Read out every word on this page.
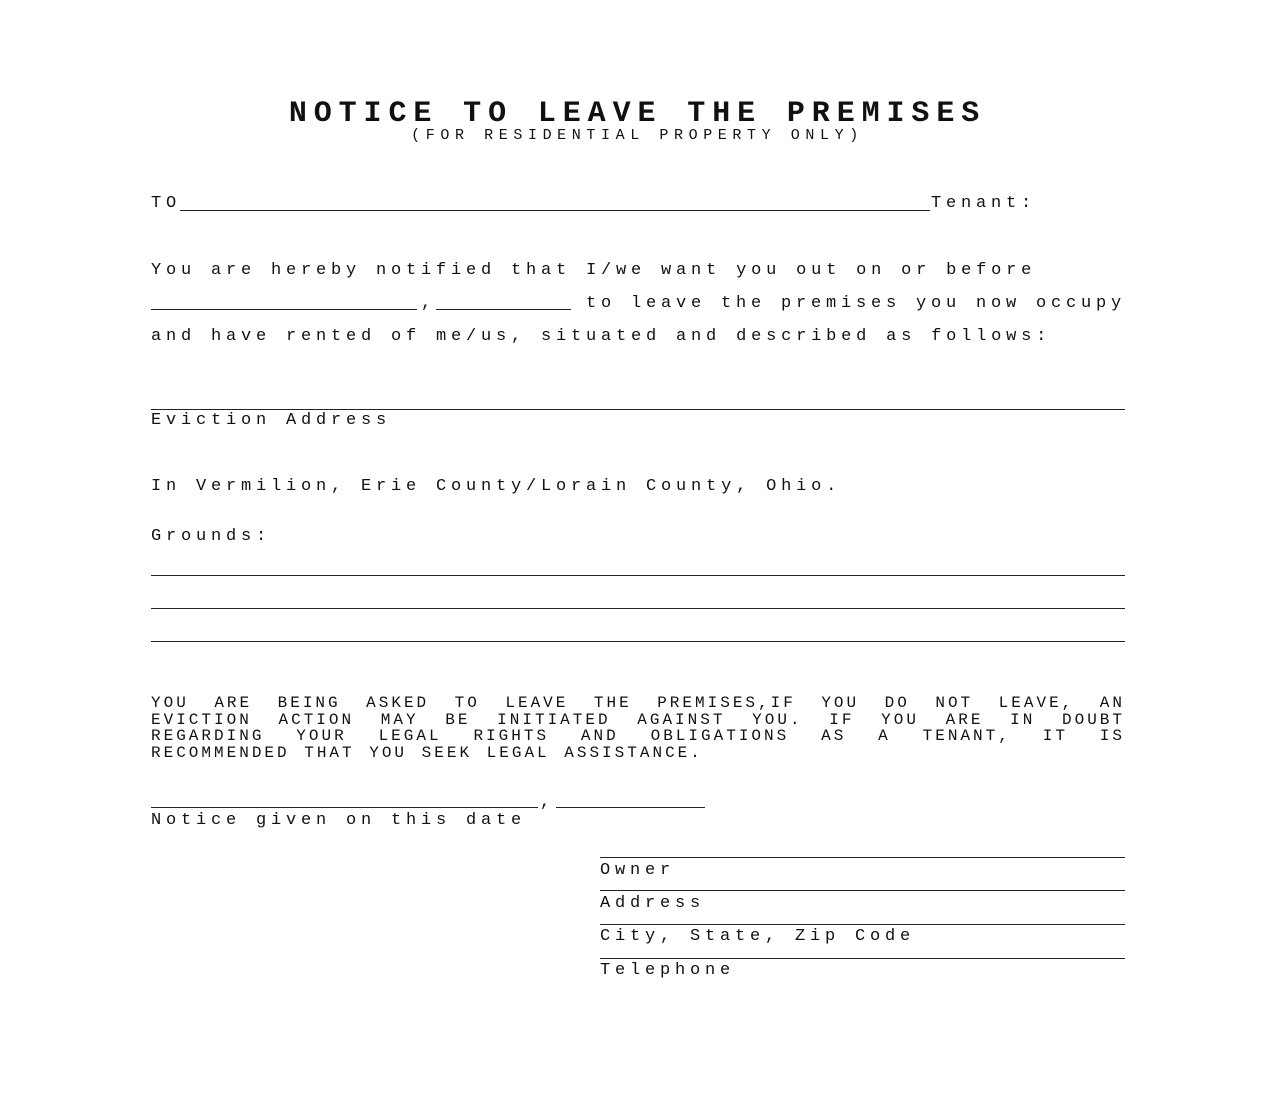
NOTICE TO LEAVE THE PREMISES
(FOR RESIDENTIAL PROPERTY ONLY)
TO	Tenant:
You are hereby notified that I/we want you out on or before
,	to leave the premises you now occupy
and have rented of me/us, situated and described as follows:
Eviction Address
In Vermilion, Erie County/Lorain County, Ohio.
Grounds:
YOU ARE BEING ASKED TO LEAVE THE PREMISES,IF YOU DO NOT LEAVE, AN
EVICTION ACTION MAY BE INITIATED AGAINST YOU. IF YOU ARE IN DOUBT
REGARDING YOUR LEGAL RIGHTS AND OBLIGATIONS AS A TENANT, IT IS
RECOMMENDED THAT YOU SEEK LEGAL ASSISTANCE.
,
Notice given on this date
Owner
Address
City, State, Zip Code
Telephone
